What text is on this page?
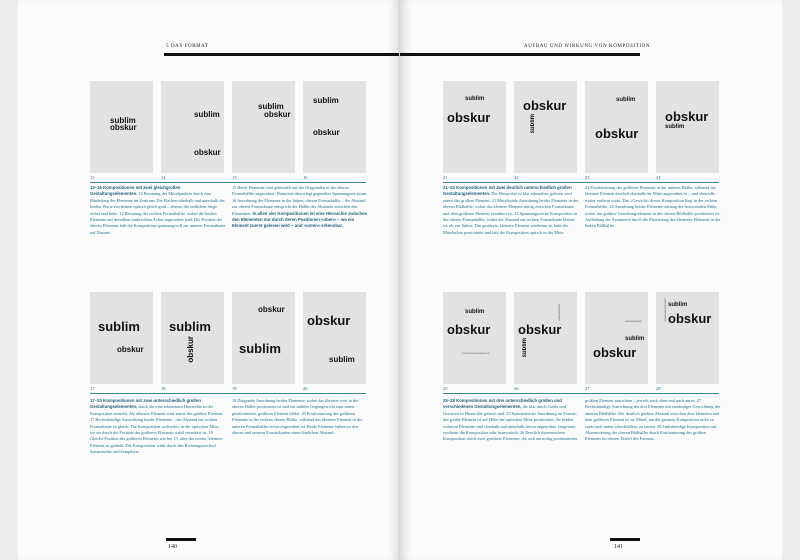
5 DAS FORMAT
sublim
obskur
sublim
obskur
sublim
obskur
sublim
obskur
13	14	15	16

13–16 Kompositionen mit zwei gleichgroßen Gestaltungselementen. 13 Betonung des Mittelpunktes durch eine Bündelung der Elemente im Zentrum; Die Flächen oberhalb und unterhalb der beiden Worte erscheinen optisch gleich groß – ebenso die seitlichen Stege rechts und links. 14 Betonung der rechten Formathälfte, wobei die beiden Elemente auf derselben senkrechten Achse angeordnet sind. Die Position des oberen Elements hält die Komposition spannungsvoll zur unteren Formatkante auf Distanz.

15 Beide Elemente sind gebündelt auf der Diagonalen in der oberen Formathälfte angeordnet: Harmonie überwiegt gegenüber Spannungsreichtum. 16 Anordnung der Elemente in der linken, oberen Formathälfte – der Abstand zur oberen Formatkante entspricht der Hälfte des Abstands zwischen den Elementen. In allen vier Kompositionen ist eine Hierarchie zwischen den Elementen nur durch deren Positionen »oben« – wo ein Element zuerst gelesen wird – und »unten« erkennbar.

sublim
obskur
sublim
obskur
obskur
sublim
obskur
sublim
17	18	19	20

17–20 Kompositionen mit zwei unterschiedlich großen Gestaltungselementen, durch die eine erkennbare Hierarchie in der Komposition entsteht; Als oberstes Element wird zuerst das größere Element. 17 Rechtsbündige Ausrichtung beider Elemente – der Abstand zur rechten Formatkante ist gleich. Die Komposition »schwebt« in der optischen Mitte, wo sie durch die Position des größeren Elements stabil verankert ist. 18 Gleiche Position des größeren Elements wie bei 15, aber das zweite, kleinere Element ist gedreht. Die Komposition wirkt durch den Richtungswechsel dynamischer und komplexer.

19 Diagonale Anordnung beider Elemente, wobei das kleinere weit in der oberen Hälfte positioniert ist und ein stabiles Gegengewicht zum unten positionierten, größeren Element bildet. 20 Positionierung des größeren Elements in der rechten oberen Hälfte, während das kleinere Element in der unteren Formathälfte rechts angeordnet ist. Beide Elemente haben zu den oberen und unteren Formatkanten einen ähnlichen Abstand.

140
AUFBAU UND WIRKUNG VON KOMPOSITION
sublim
obskur
obskur
sublim
sublim
obskur
obskur
sublim
21	22	23	24

21–24 Kompositionen mit zwei deutlich unterschiedlich großen Gestaltungselementen. Die Hierarchie ist klar erkennbar; gelesen wird zuerst das größere Element. 21 Mittelaxiale Anordnung beider Elemente in der oberen Bildhälfte, wobei das kleinere Element mittig zwischen Formatkante und dem größeren Element verankert ist. 22 Spannungsreiche Komposition in der oberen Formathälfte, wobei der Abstand zur rechten Formatkante kleiner ist, als zur linken. Das gestürzte, kleinere Element wiederum ist links der Mittelachse positioniert und hält die Komposition optisch in der Mitte.

23 Positionierung des größeren Elements in der unteren Hälfte, während das kleinere Element deutlich oberhalb der Mitte angeordnet ist – und ebenfalls weiter entfernt wirkt. Das »Gewicht« dieser Komposition liegt in der rechten Formathälfte. 24 Anordnung beider Elemente entlang der horizontalen Mitte, wobei das größere Gestaltungselement in der oberen Bildhälfte positioniert ist. Aufhebung der Symmetrie durch die Platzierung des kleineren Elements in der linken Bildhälfte.

sublim
obskur
oooooooooooooo
oooooooooo
obskur
sublim
oooooooooo
sublim
obskur
oooooooooooooo sublim
obskur
25	26	27	28

25–28 Kompositionen mit drei unterschiedlich großen und verschiedenen Gestaltungselementen, die klar durch Größe und Grauwert in Hierarchie gesetzt sind. 25 Symmetrische Anordnung im Format: das größte Element ist auf Höhe der optischen Mitte positioniert, die beiden weiteren Elemente sind oberhalb und unterhalb davon angeordnet. Insgesamt erscheint die Komposition sehr harmonisch. 26 Deutlich dynamischere Komposition durch zwei gestürzte Elemente, die sich am mittig positionierten

größten Element ausrichten – jeweils nach oben und nach unten. 27 Rechtsbündige Ausrichtung der drei Elemente mit eindeutiger Gewichtung der unteren Bildhälfte. Der deutlich größere Abstand zwischen dem kleineren und dem größeren Element ist im Mittel, um die gesamte Komposition nicht zu stark nach unten »durchfallen« zu lassen. 28 Linksbündige Komposition mit Akzentuierung der oberen Bildhälfte durch Positionierung des größten Elements im oberen Drittel des Formats.

141
